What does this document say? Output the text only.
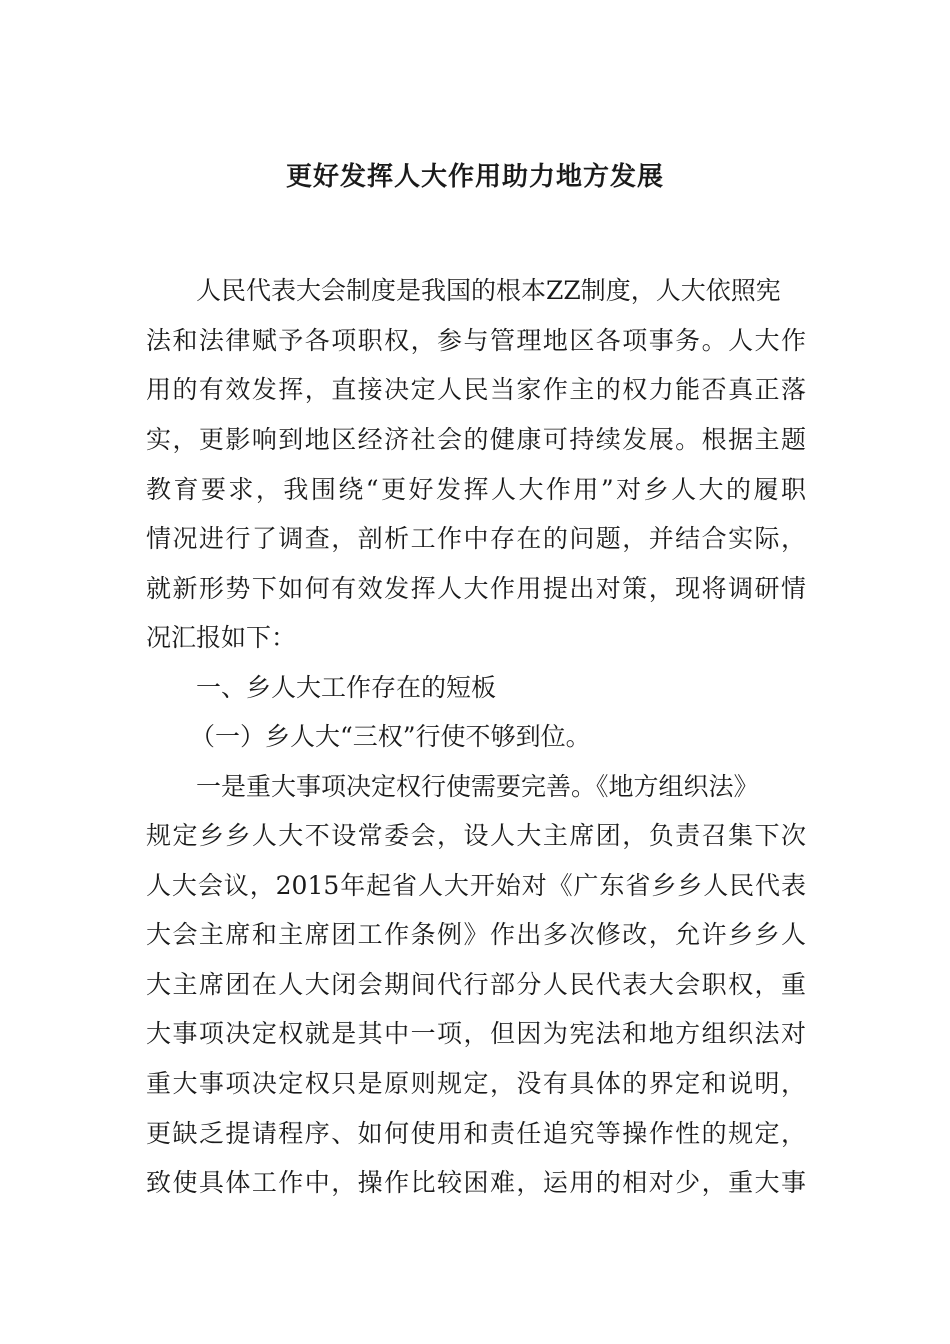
更好发挥人大作用助力地方发展
人民代表大会制度是我国的根本ZZ制度，人大依照宪
法和法律赋予各项职权，参与管理地区各项事务。人大作
用的有效发挥，直接决定人民当家作主的权力能否真正落
实，更影响到地区经济社会的健康可持续发展。根据主题
教育要求，我围绕“更好发挥人大作用”对乡人大的履职
情况进行了调查，剖析工作中存在的问题，并结合实际，
就新形势下如何有效发挥人大作用提出对策，现将调研情
况汇报如下：
一、乡人大工作存在的短板
（一）乡人大“三权”行使不够到位。
一是重大事项决定权行使需要完善。《地方组织法》
规定乡乡人大不设常委会，设人大主席团，负责召集下次
人大会议，2015年起省人大开始对《广东省乡乡人民代表
大会主席和主席团工作条例》作出多次修改，允许乡乡人
大主席团在人大闭会期间代行部分人民代表大会职权，重
大事项决定权就是其中一项，但因为宪法和地方组织法对
重大事项决定权只是原则规定，没有具体的界定和说明，
更缺乏提请程序、如何使用和责任追究等操作性的规定，
致使具体工作中，操作比较困难，运用的相对少，重大事
